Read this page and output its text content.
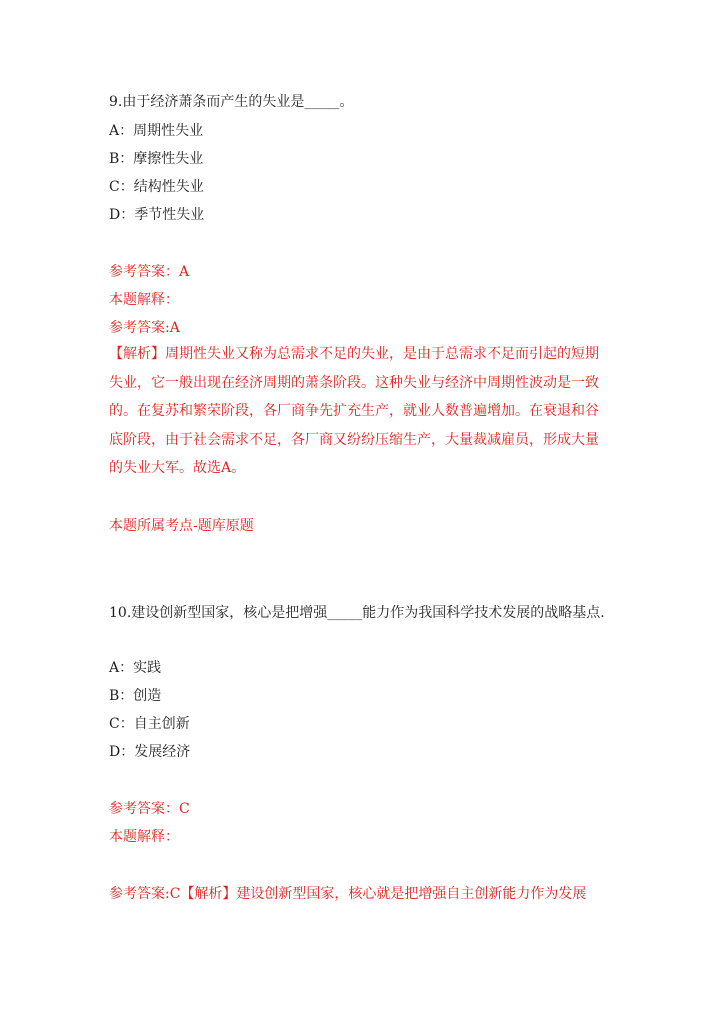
9.由于经济萧条而产生的失业是_____。
A：周期性失业
B：摩擦性失业
C：结构性失业
D：季节性失业
参考答案：A
本题解释：
参考答案:A
【解析】周期性失业又称为总需求不足的失业，是由于总需求不足而引起的短期失业，它一般出现在经济周期的萧条阶段。这种失业与经济中周期性波动是一致的。在复苏和繁荣阶段，各厂商争先扩充生产，就业人数普遍增加。在衰退和谷底阶段，由于社会需求不足，各厂商又纷纷压缩生产，大量裁减雇员，形成大量的失业大军。故选A。
本题所属考点-题库原题
10.建设创新型国家，核心是把增强_____能力作为我国科学技术发展的战略基点.
A：实践
B：创造
C：自主创新
D：发展经济
参考答案：C
本题解释：
参考答案:C【解析】建设创新型国家，核心就是把增强自主创新能力作为发展
